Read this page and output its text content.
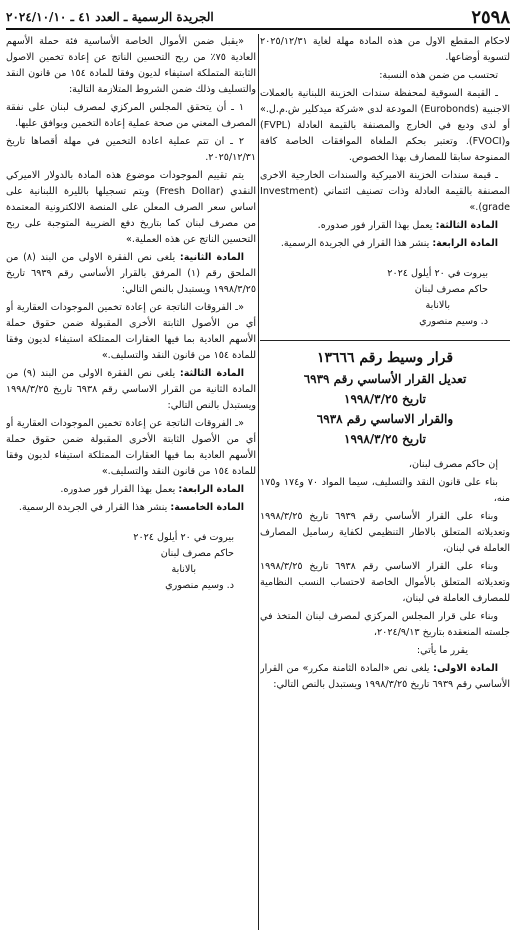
٢٥٩٨
الجريدة الرسمية ـ العدد ٤١ ـ ٢٠٢٤/١٠/١٠

لاحكام المقطع الاول من هذه المادة مهلة لغاية ٢٠٢٥/١٢/٣١ لتسوية أوضاعها.

تحتسب من ضمن هذه النسبة:

ـ القيمة السوقية لمحفظة سندات الخزينة اللبنانية بالعملات الاجنبية (Eurobonds) المودعة لدى «شركة ميدكلير ش.م.ل.» أو لدى وديع في الخارج والمصنفة بالقيمة العادلة (FVPL) و(FVOCI). وتعتبر بحكم الملغاة الموافقات الخاصة كافة الممنوحة سابقا للمصارف بهذا الخصوص.

ـ قيمة سندات الخزينة الاميركية والسندات الخارجية الاخرى المصنفة بالقيمة العادلة وذات تصنيف ائتماني (Investment grade).»

المادة الثالثة: يعمل بهذا القرار فور صدوره.

المادة الرابعة: ينشر هذا القرار في الجريدة الرسمية.

بيروت في ٢٠ أيلول ٢٠٢٤

حاكم مصرف لبنان

بالانابة

د. وسيم منصوري

قرار وسيط رقم ١٣٦٦٦
تعديل القرار الأساسي رقم ٦٩٣٩
تاريخ ١٩٩٨/٣/٢٥
والقرار الاساسي رقم ٦٩٣٨
تاريخ ١٩٩٨/٣/٢٥

إن حاكم مصرف لبنان،

بناء على قانون النقد والتسليف، سيما المواد ٧٠ و١٧٤ و١٧٥ منه،

وبناء على القرار الأساسي رقم ٦٩٣٩ تاريخ ١٩٩٨/٣/٢٥ وتعديلاته المتعلق بالاطار التنظيمي لكفاية رساميل المصارف العاملة في لبنان،

وبناء على القرار الاساسي رقم ٦٩٣٨ تاريخ ١٩٩٨/٣/٢٥ وتعديلاته المتعلق بالأموال الخاصة لاحتساب النسب النظامية للمصارف العاملة في لبنان،

وبناء على قرار المجلس المركزي لمصرف لبنان المتخذ في جلسته المنعقدة بتاريخ ٢٠٢٤/٩/١٣،

يقرر ما يأتي:

المادة الاولى: يلغى نص «المادة الثامنة مكرر» من القرار الأساسي رقم ٦٩٣٩ تاريخ ١٩٩٨/٣/٢٥ ويستبدل بالنص التالي:

«يقبل ضمن الأموال الخاصة الأساسية فئة حملة الأسهم العادية ٧٥٪ من ربح التحسين الناتج عن إعادة تخمين الاصول الثابتة المتملكة استيفاء لديون وفقا للمادة ١٥٤ من قانون النقد والتسليف وذلك ضمن الشروط المتلازمة التالية:

١ ـ أن يتحقق المجلس المركزي لمصرف لبنان على نفقة المصرف المعني من صحة عملية إعادة التخمين ويوافق عليها.

٢ ـ ان تتم عملية اعادة التخمين في مهلة أقصاها تاريخ ٢٠٢٥/١٢/٣١.

يتم تقييم الموجودات موضوع هذه المادة بالدولار الاميركي النقدي (Fresh Dollar) ويتم تسجيلها بالليرة اللبنانية على اساس سعر الصرف المعلن على المنصة الالكترونية المعتمدة من مصرف لبنان كما بتاريخ دفع الضريبة المتوجبة على ربح التحسين الناتج عن هذه العملية.»

المادة الثانية: يلغى نص الفقرة الاولى من البند (٨) من الملحق رقم (١) المرفق بالقرار الأساسي رقم ٦٩٣٩ تاريخ ١٩٩٨/٣/٢٥ ويستبدل بالنص التالي:

«ـ الفروقات الناتجة عن إعادة تخمين الموجودات العقارية أو أي من الأصول الثابتة الأخرى المقبولة ضمن حقوق حملة الأسهم العادية بما فيها العقارات الممتلكة استيفاء لديون وفقا للمادة ١٥٤ من قانون النقد والتسليف.»

المادة الثالثة: يلغى نص الفقرة الاولى من البند (٩) من المادة الثانية من القرار الاساسي رقم ٦٩٣٨ تاريخ ١٩٩٨/٣/٢٥ ويستبدل بالنص التالي:

«ـ الفروقات الناتجة عن إعادة تخمين الموجودات العقارية أو أي من الأصول الثابتة الأخرى المقبولة ضمن حقوق حملة الأسهم العادية بما فيها العقارات الممتلكة استيفاء لديون وفقا للمادة ١٥٤ من قانون النقد والتسليف.»

المادة الرابعة: يعمل بهذا القرار فور صدوره.

المادة الخامسة: ينشر هذا القرار في الجريدة الرسمية.

بيروت في ٢٠ أيلول ٢٠٢٤

حاكم مصرف لبنان

بالانابة

د. وسيم منصوري
